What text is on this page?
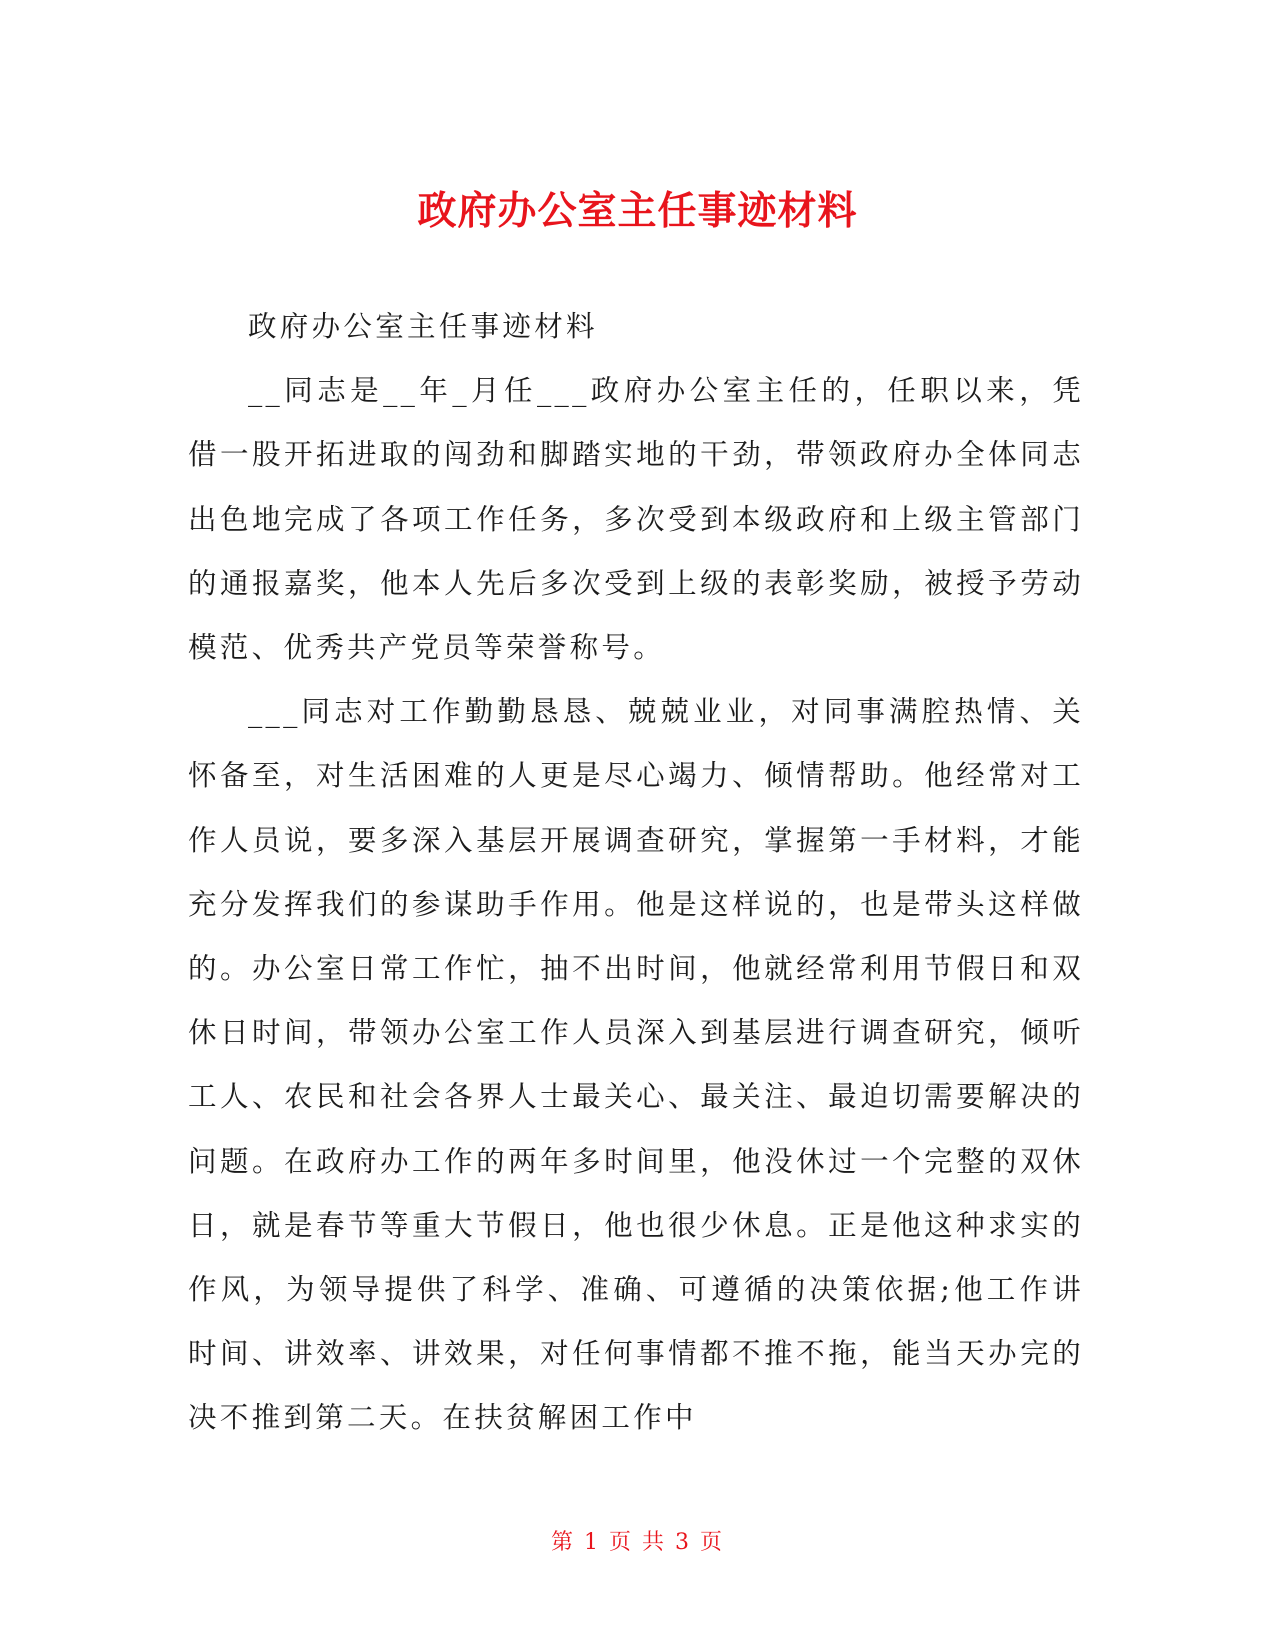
政府办公室主任事迹材料

政府办公室主任事迹材料

__同志是__年_月任___政府办公室主任的，任职以来，凭借一股开拓进取的闯劲和脚踏实地的干劲，带领政府办全体同志出色地完成了各项工作任务，多次受到本级政府和上级主管部门的通报嘉奖，他本人先后多次受到上级的表彰奖励，被授予劳动模范、优秀共产党员等荣誉称号。

___同志对工作勤勤恳恳、兢兢业业，对同事满腔热情、关怀备至，对生活困难的人更是尽心竭力、倾情帮助。他经常对工作人员说，要多深入基层开展调查研究，掌握第一手材料，才能充分发挥我们的参谋助手作用。他是这样说的，也是带头这样做的。办公室日常工作忙，抽不出时间，他就经常利用节假日和双休日时间，带领办公室工作人员深入到基层进行调查研究，倾听工人、农民和社会各界人士最关心、最关注、最迫切需要解决的问题。在政府办工作的两年多时间里，他没休过一个完整的双休日，就是春节等重大节假日，他也很少休息。正是他这种求实的作风，为领导提供了科学、准确、可遵循的决策依据;他工作讲时间、讲效率、讲效果，对任何事情都不推不拖，能当天办完的决不推到第二天。在扶贫解困工作中

第 1 页 共 3 页
